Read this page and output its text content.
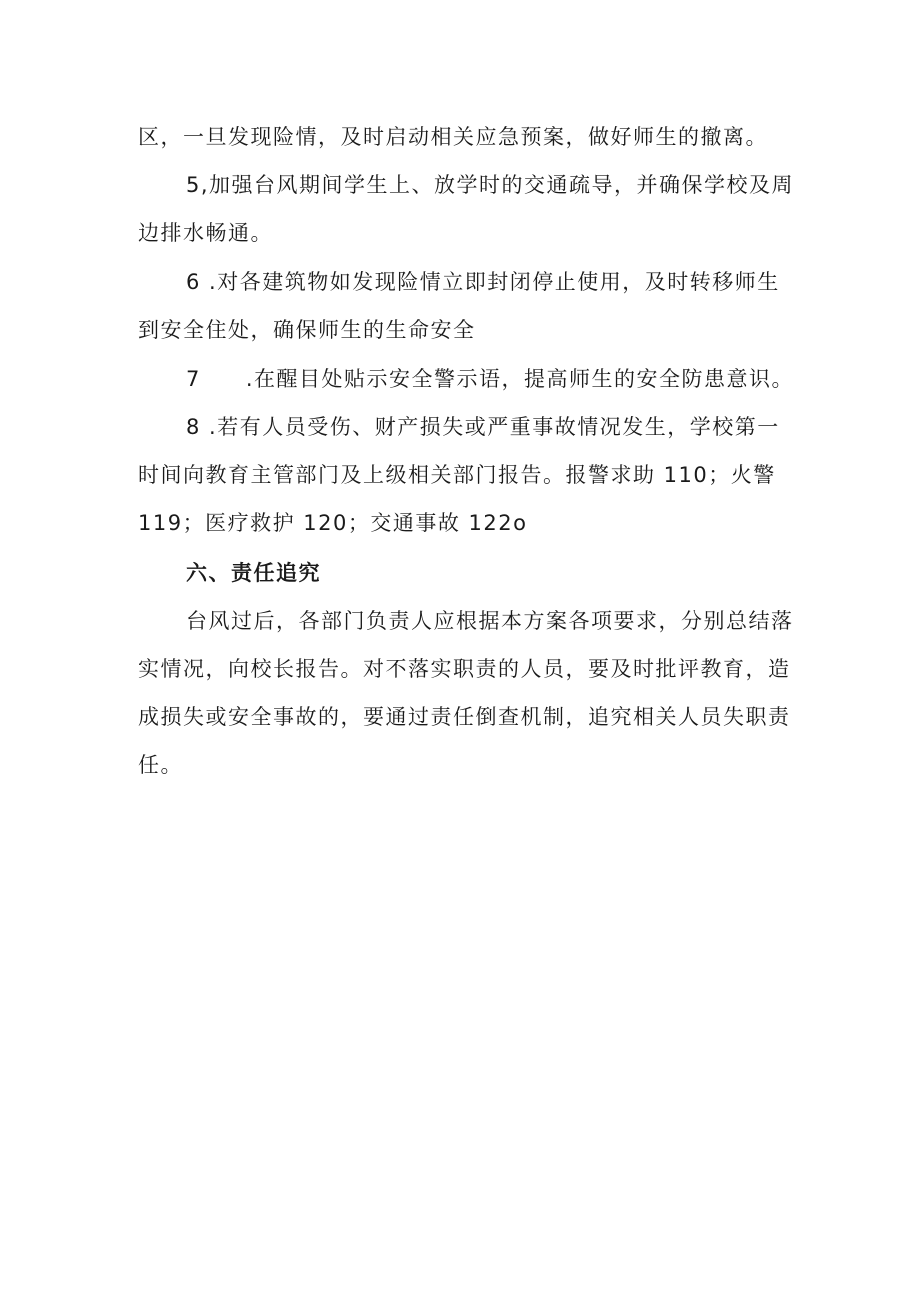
区，一旦发现险情，及时启动相关应急预案，做好师生的撤离。

5,加强台风期间学生上、放学时的交通疏导，并确保学校及周边排水畅通。

6 .对各建筑物如发现险情立即封闭停止使用，及时转移师生到安全住处，确保师生的生命安全

7　　.在醒目处贴示安全警示语，提高师生的安全防患意识。

8 .若有人员受伤、财产损失或严重事故情况发生，学校第一时间向教育主管部门及上级相关部门报告。报警求助 110；火警 119；医疗救护 120；交通事故 122o

六、责任追究

台风过后，各部门负责人应根据本方案各项要求，分别总结落实情况，向校长报告。对不落实职责的人员，要及时批评教育，造成损失或安全事故的，要通过责任倒查机制，追究相关人员失职责任。
